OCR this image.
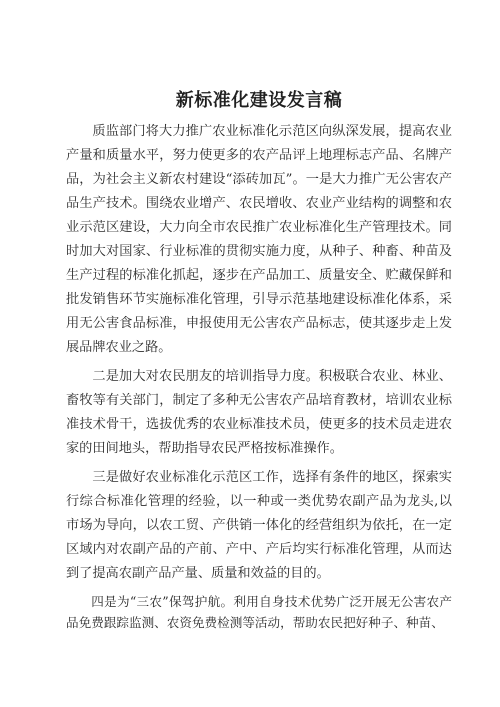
新标准化建设发言稿

质监部门将大力推广农业标准化示范区向纵深发展，提高农业产量和质量水平，努力使更多的农产品评上地理标志产品、名牌产品，为社会主义新农村建设“添砖加瓦”。一是大力推广无公害农产品生产技术。围绕农业增产、农民增收、农业产业结构的调整和农业示范区建设，大力向全市农民推广农业标准化生产管理技术。同时加大对国家、行业标准的贯彻实施力度，从种子、种畜、种苗及生产过程的标准化抓起，逐步在产品加工、质量安全、贮藏保鲜和批发销售环节实施标准化管理，引导示范基地建设标准化体系，采用无公害食品标准，申报使用无公害农产品标志，使其逐步走上发展品牌农业之路。

二是加大对农民朋友的培训指导力度。积极联合农业、林业、畜牧等有关部门，制定了多种无公害农产品培育教材，培训农业标准技术骨干，选拔优秀的农业标准技术员，使更多的技术员走进农家的田间地头，帮助指导农民严格按标准操作。

三是做好农业标准化示范区工作，选择有条件的地区，探索实行综合标准化管理的经验，以一种或一类优势农副产品为龙头,以市场为导向，以农工贸、产供销一体化的经营组织为依托，在一定区域内对农副产品的产前、产中、产后均实行标准化管理，从而达到了提高农副产品产量、质量和效益的目的。

四是为“三农”保驾护航。利用自身技术优势广泛开展无公害农产品免费跟踪监测、农资免费检测等活动，帮助农民把好种子、种苗、
